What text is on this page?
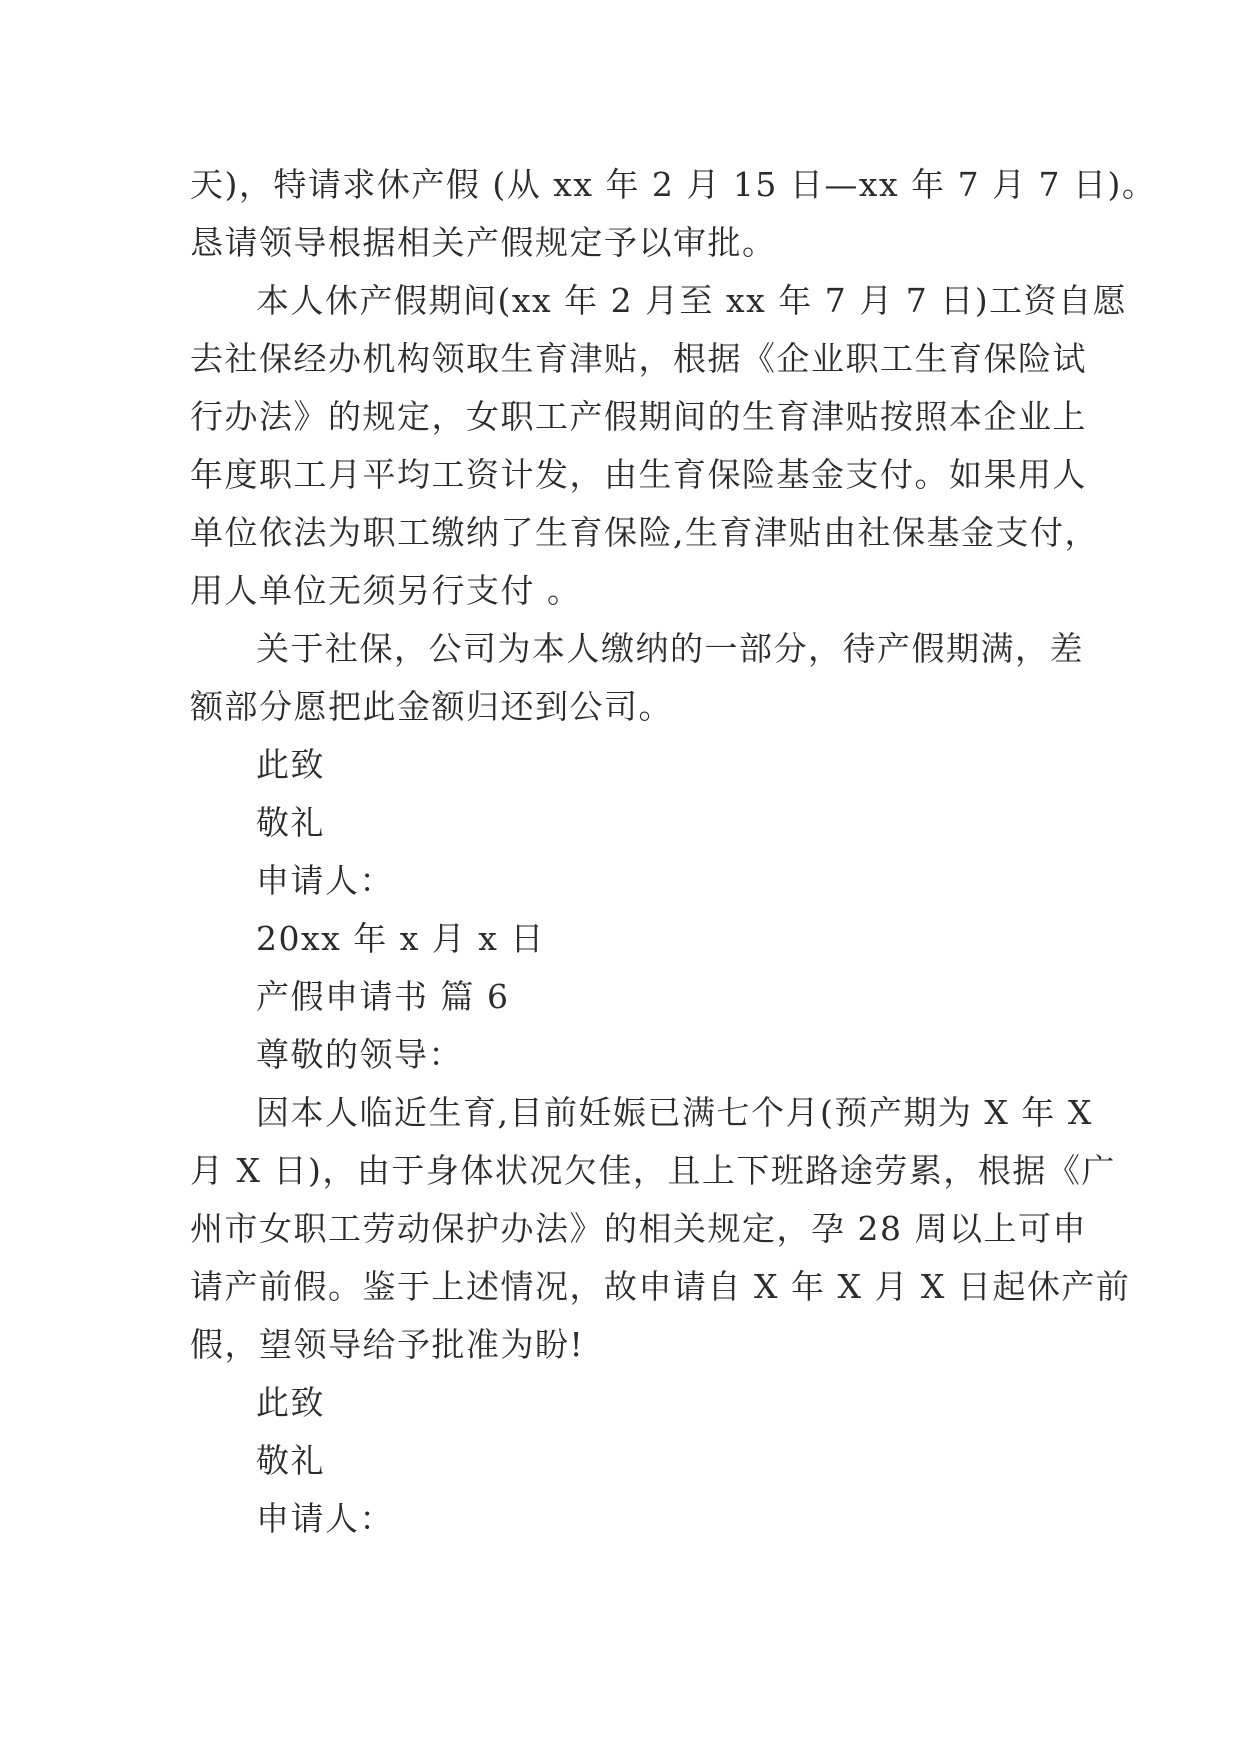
天)，特请求休产假 (从 xx 年 2 月 15 日—xx 年 7 月 7 日)。
恳请领导根据相关产假规定予以审批。
本人休产假期间(xx 年 2 月至 xx 年 7 月 7 日)工资自愿
去社保经办机构领取生育津贴，根据《企业职工生育保险试
行办法》的规定，女职工产假期间的生育津贴按照本企业上
年度职工月平均工资计发，由生育保险基金支付。如果用人
单位依法为职工缴纳了生育保险,生育津贴由社保基金支付，
用人单位无须另行支付 。
关于社保，公司为本人缴纳的一部分，待产假期满，差
额部分愿把此金额归还到公司。
此致
敬礼
申请人：
20xx 年 x 月 x 日
产假申请书 篇 6
尊敬的领导：
因本人临近生育,目前妊娠已满七个月(预产期为 X 年 X
月 X 日)，由于身体状况欠佳，且上下班路途劳累，根据《广
州市女职工劳动保护办法》的相关规定，孕 28 周以上可申
请产前假。鉴于上述情况，故申请自 X 年 X 月 X 日起休产前
假，望领导给予批准为盼!
此致
敬礼
申请人：
